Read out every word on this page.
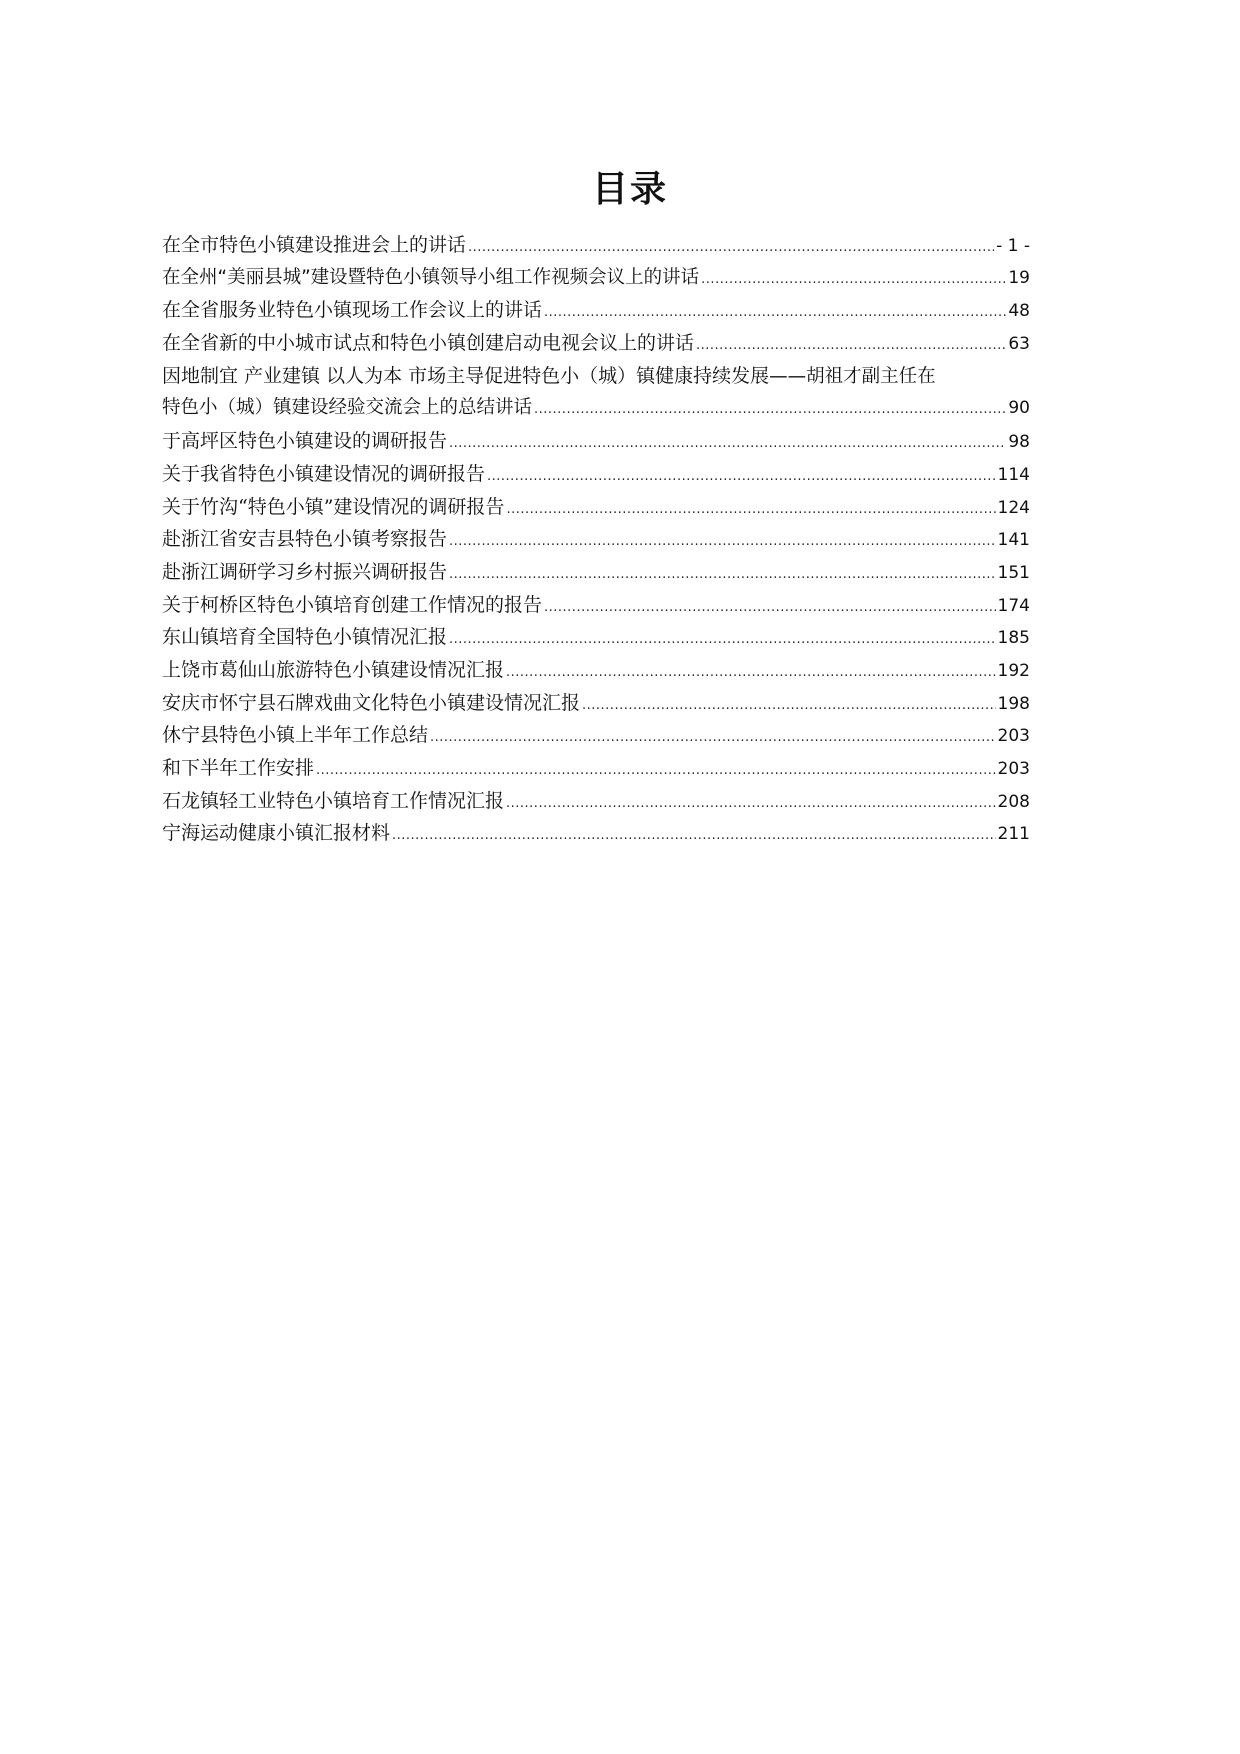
目录
在全市特色小镇建设推进会上的讲话 .....	- 1 -
在全州“美丽县城”建设暨特色小镇领导小组工作视频会议上的讲话 .....	19
在全省服务业特色小镇现场工作会议上的讲话 .....	48
在全省新的中小城市试点和特色小镇创建启动电视会议上的讲话 .....	63
因地制宜 产业建镇 以人为本 市场主导促进特色小（城）镇健康持续发展——胡祖才副主任在
特色小（城）镇建设经验交流会上的总结讲话 .....	90
于高坪区特色小镇建设的调研报告 .....	98
关于我省特色小镇建设情况的调研报告 .....	114
关于竹沟“特色小镇”建设情况的调研报告 .....	124
赴浙江省安吉县特色小镇考察报告 .....	141
赴浙江调研学习乡村振兴调研报告 .....	151
关于柯桥区特色小镇培育创建工作情况的报告 .....	174
东山镇培育全国特色小镇情况汇报 .....	185
上饶市葛仙山旅游特色小镇建设情况汇报 .....	192
安庆市怀宁县石牌戏曲文化特色小镇建设情况汇报 .....	198
休宁县特色小镇上半年工作总结 .....	203
和下半年工作安排 .....	203
石龙镇轻工业特色小镇培育工作情况汇报 .....	208
宁海运动健康小镇汇报材料 .....	211
